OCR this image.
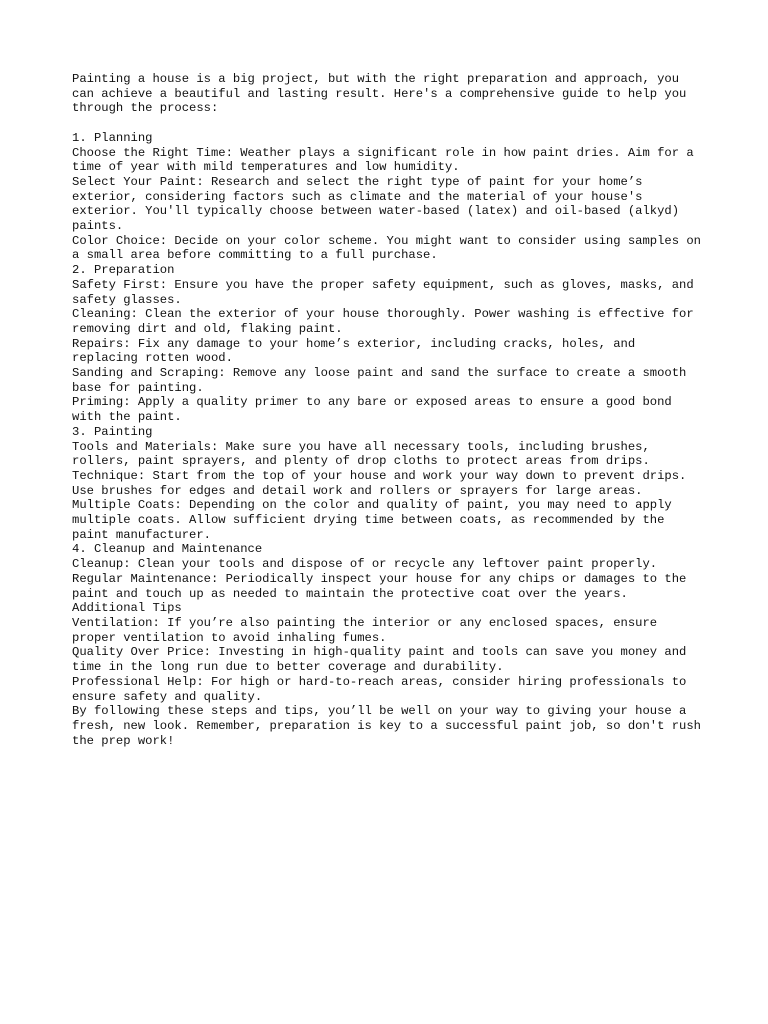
Painting a house is a big project, but with the right preparation and approach, you can achieve a beautiful and lasting result. Here's a comprehensive guide to help you through the process:

1. Planning

Choose the Right Time: Weather plays a significant role in how paint dries. Aim for a time of year with mild temperatures and low humidity.

Select Your Paint: Research and select the right type of paint for your home’s exterior, considering factors such as climate and the material of your house's exterior. You'll typically choose between water-based (latex) and oil-based (alkyd) paints.

Color Choice: Decide on your color scheme. You might want to consider using samples on a small area before committing to a full purchase.

2. Preparation

Safety First: Ensure you have the proper safety equipment, such as gloves, masks, and safety glasses.

Cleaning: Clean the exterior of your house thoroughly. Power washing is effective for removing dirt and old, flaking paint.

Repairs: Fix any damage to your home’s exterior, including cracks, holes, and replacing rotten wood.

Sanding and Scraping: Remove any loose paint and sand the surface to create a smooth base for painting.

Priming: Apply a quality primer to any bare or exposed areas to ensure a good bond with the paint.

3. Painting

Tools and Materials: Make sure you have all necessary tools, including brushes, rollers, paint sprayers, and plenty of drop cloths to protect areas from drips.

Technique: Start from the top of your house and work your way down to prevent drips. Use brushes for edges and detail work and rollers or sprayers for large areas.

Multiple Coats: Depending on the color and quality of paint, you may need to apply multiple coats. Allow sufficient drying time between coats, as recommended by the paint manufacturer.

4. Cleanup and Maintenance

Cleanup: Clean your tools and dispose of or recycle any leftover paint properly.

Regular Maintenance: Periodically inspect your house for any chips or damages to the paint and touch up as needed to maintain the protective coat over the years.

Additional Tips

Ventilation: If you’re also painting the interior or any enclosed spaces, ensure proper ventilation to avoid inhaling fumes.

Quality Over Price: Investing in high-quality paint and tools can save you money and time in the long run due to better coverage and durability.

Professional Help: For high or hard-to-reach areas, consider hiring professionals to ensure safety and quality.

By following these steps and tips, you’ll be well on your way to giving your house a fresh, new look. Remember, preparation is key to a successful paint job, so don't rush the prep work!
